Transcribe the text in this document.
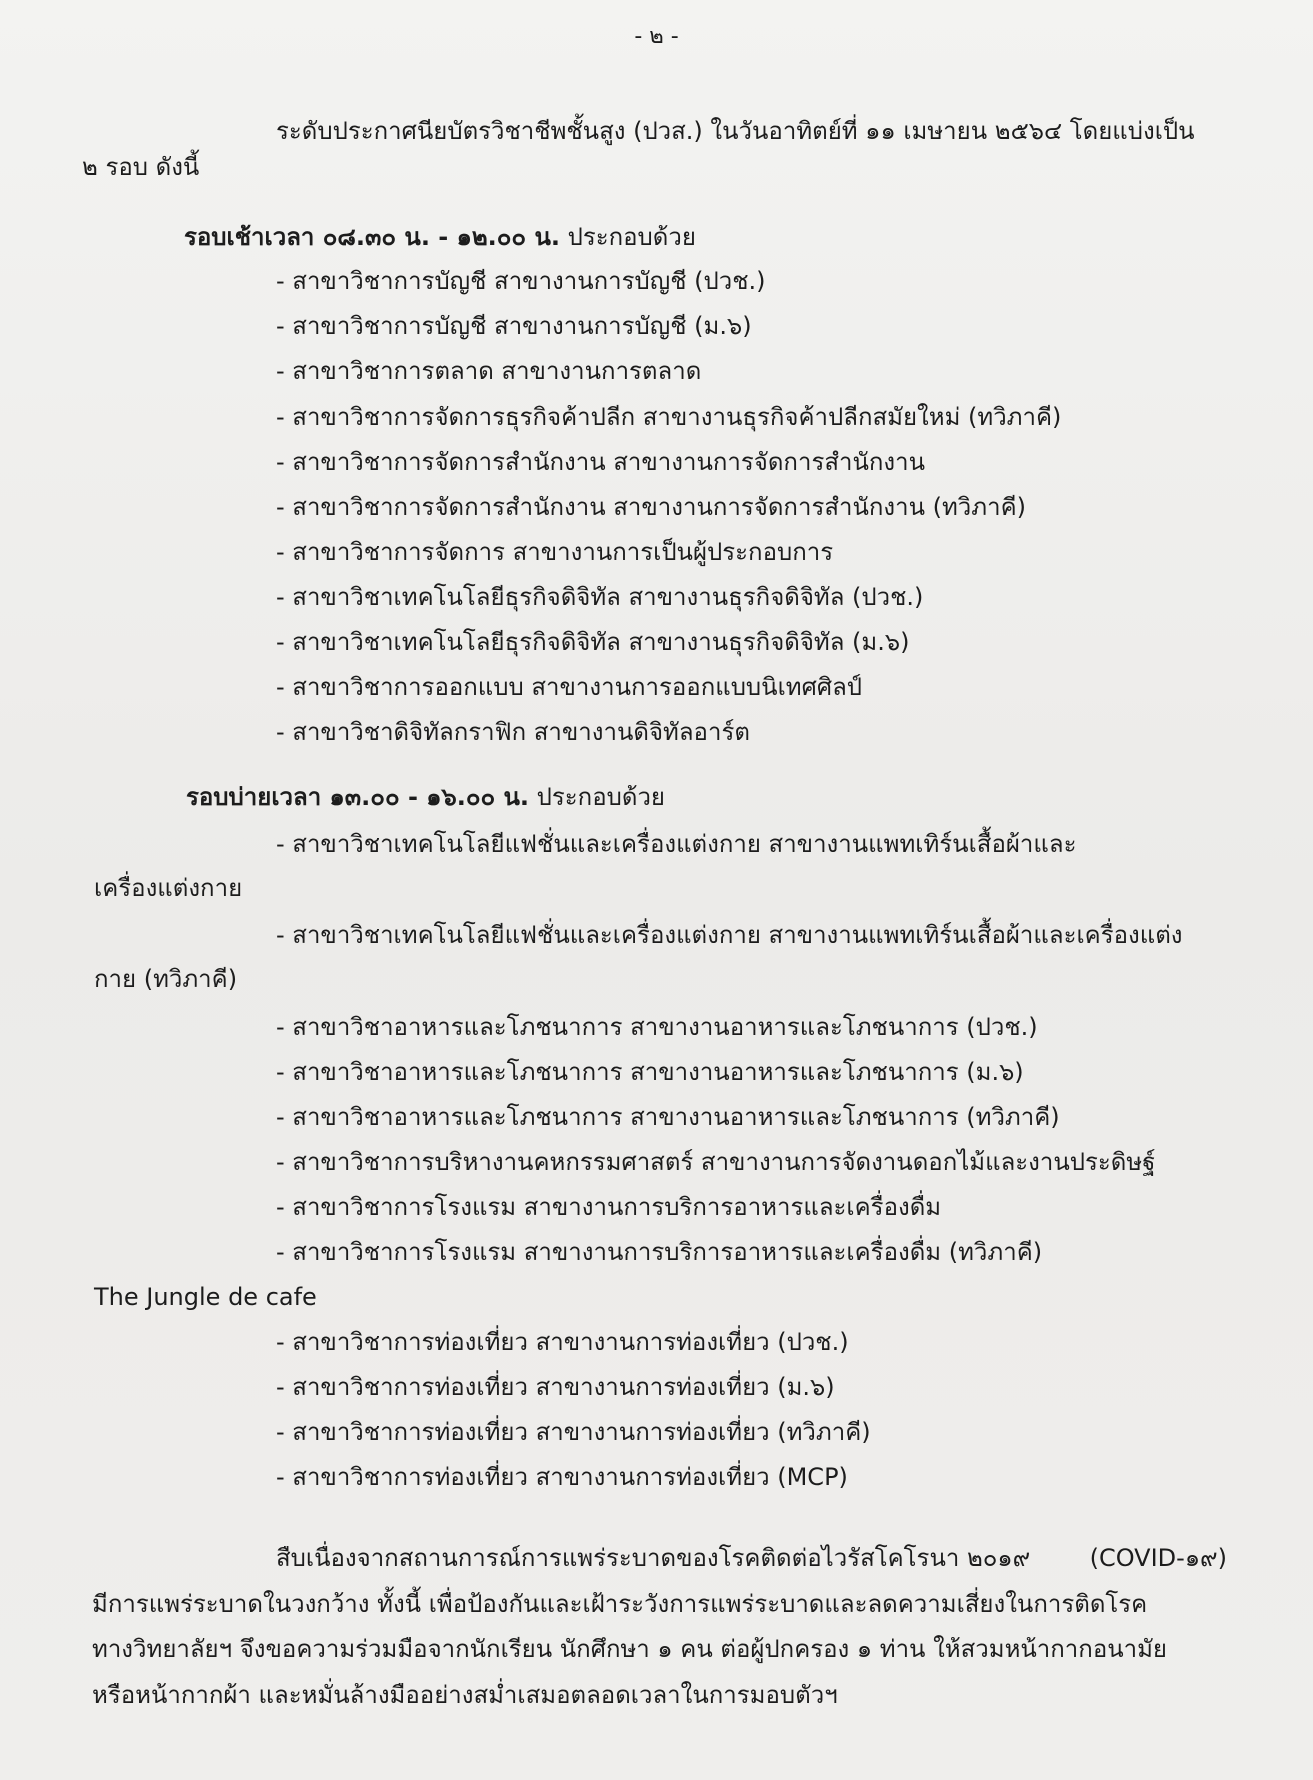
- ๒ -
ระดับประกาศนียบัตรวิชาชีพชั้นสูง (ปวส.) ในวันอาทิตย์ที่ ๑๑ เมษายน ๒๕๖๔ โดยแบ่งเป็น
๒ รอบ ดังนี้
รอบเช้าเวลา ๐๘.๓๐ น. - ๑๒.๐๐ น. ประกอบด้วย
- สาขาวิชาการบัญชี สาขางานการบัญชี (ปวช.)
- สาขาวิชาการบัญชี สาขางานการบัญชี (ม.๖)
- สาขาวิชาการตลาด สาขางานการตลาด
- สาขาวิชาการจัดการธุรกิจค้าปลีก สาขางานธุรกิจค้าปลีกสมัยใหม่ (ทวิภาคี)
- สาขาวิชาการจัดการสำนักงาน สาขางานการจัดการสำนักงาน
- สาขาวิชาการจัดการสำนักงาน สาขางานการจัดการสำนักงาน (ทวิภาคี)
- สาขาวิชาการจัดการ สาขางานการเป็นผู้ประกอบการ
- สาขาวิชาเทคโนโลยีธุรกิจดิจิทัล สาขางานธุรกิจดิจิทัล (ปวช.)
- สาขาวิชาเทคโนโลยีธุรกิจดิจิทัล สาขางานธุรกิจดิจิทัล (ม.๖)
- สาขาวิชาการออกแบบ สาขางานการออกแบบนิเทศศิลป์
- สาขาวิชาดิจิทัลกราฟิก สาขางานดิจิทัลอาร์ต
รอบบ่ายเวลา ๑๓.๐๐ - ๑๖.๐๐ น. ประกอบด้วย
- สาขาวิชาเทคโนโลยีแฟชั่นและเครื่องแต่งกาย สาขางานแพทเทิร์นเสื้อผ้าและ
เครื่องแต่งกาย
- สาขาวิชาเทคโนโลยีแฟชั่นและเครื่องแต่งกาย สาขางานแพทเทิร์นเสื้อผ้าและเครื่องแต่ง
กาย (ทวิภาคี)
- สาขาวิชาอาหารและโภชนาการ สาขางานอาหารและโภชนาการ (ปวช.)
- สาขาวิชาอาหารและโภชนาการ สาขางานอาหารและโภชนาการ (ม.๖)
- สาขาวิชาอาหารและโภชนาการ สาขางานอาหารและโภชนาการ (ทวิภาคี)
- สาขาวิชาการบริหางานคหกรรมศาสตร์ สาขางานการจัดงานดอกไม้และงานประดิษฐ์
- สาขาวิชาการโรงแรม สาขางานการบริการอาหารและเครื่องดื่ม
- สาขาวิชาการโรงแรม สาขางานการบริการอาหารและเครื่องดื่ม (ทวิภาคี)
The Jungle de cafe
- สาขาวิชาการท่องเที่ยว สาขางานการท่องเที่ยว (ปวช.)
- สาขาวิชาการท่องเที่ยว สาขางานการท่องเที่ยว (ม.๖)
- สาขาวิชาการท่องเที่ยว สาขางานการท่องเที่ยว (ทวิภาคี)
- สาขาวิชาการท่องเที่ยว สาขางานการท่องเที่ยว (MCP)
สืบเนื่องจากสถานการณ์การแพร่ระบาดของโรคติดต่อไวรัสโคโรนา ๒๐๑๙ (COVID-๑๙)
มีการแพร่ระบาดในวงกว้าง ทั้งนี้ เพื่อป้องกันและเฝ้าระวังการแพร่ระบาดและลดความเสี่ยงในการติดโรค
ทางวิทยาลัยฯ จึงขอความร่วมมือจากนักเรียน นักศึกษา ๑ คน ต่อผู้ปกครอง ๑ ท่าน ให้สวมหน้ากากอนามัย
หรือหน้ากากผ้า และหมั่นล้างมืออย่างสม่ำเสมอตลอดเวลาในการมอบตัวฯ
